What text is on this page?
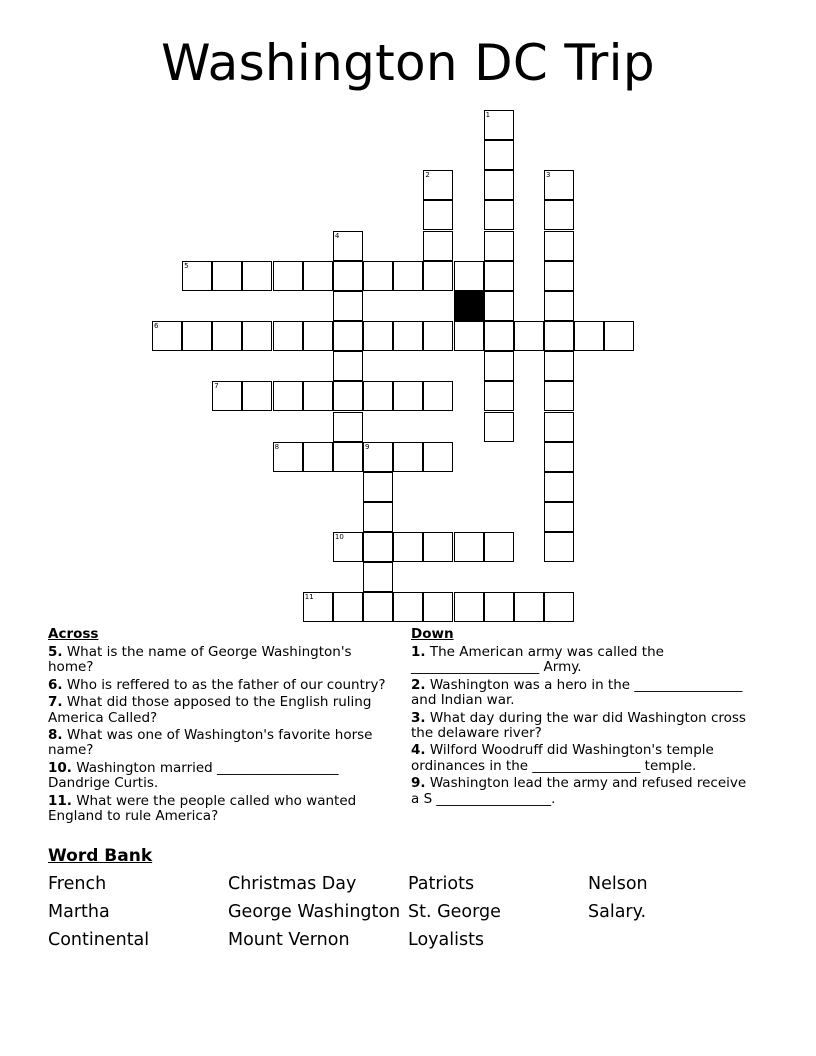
Washington DC Trip
1
2	3
4
5
6
7
8	9
10
11
Across
5. What is the name of George Washington's home?
6. Who is reffered to as the father of our country?
7. What did those apposed to the English ruling America Called?
8. What was one of Washington's favorite horse name?
10. Washington married __________________ Dandrige Curtis.
11. What were the people called who wanted England to rule America?
Down
1. The American army was called the ___________________ Army.
2. Washington was a hero in the ________________ and Indian war.
3. What day during the war did Washington cross the delaware river?
4. Wilford Woodruff did Washington's temple ordinances in the ________________ temple.
9. Washington lead the army and refused receive a S _________________.
Word Bank
French
Martha
Continental
Christmas Day
George Washington
Mount Vernon
Patriots
St. George
Loyalists
Nelson
Salary.
